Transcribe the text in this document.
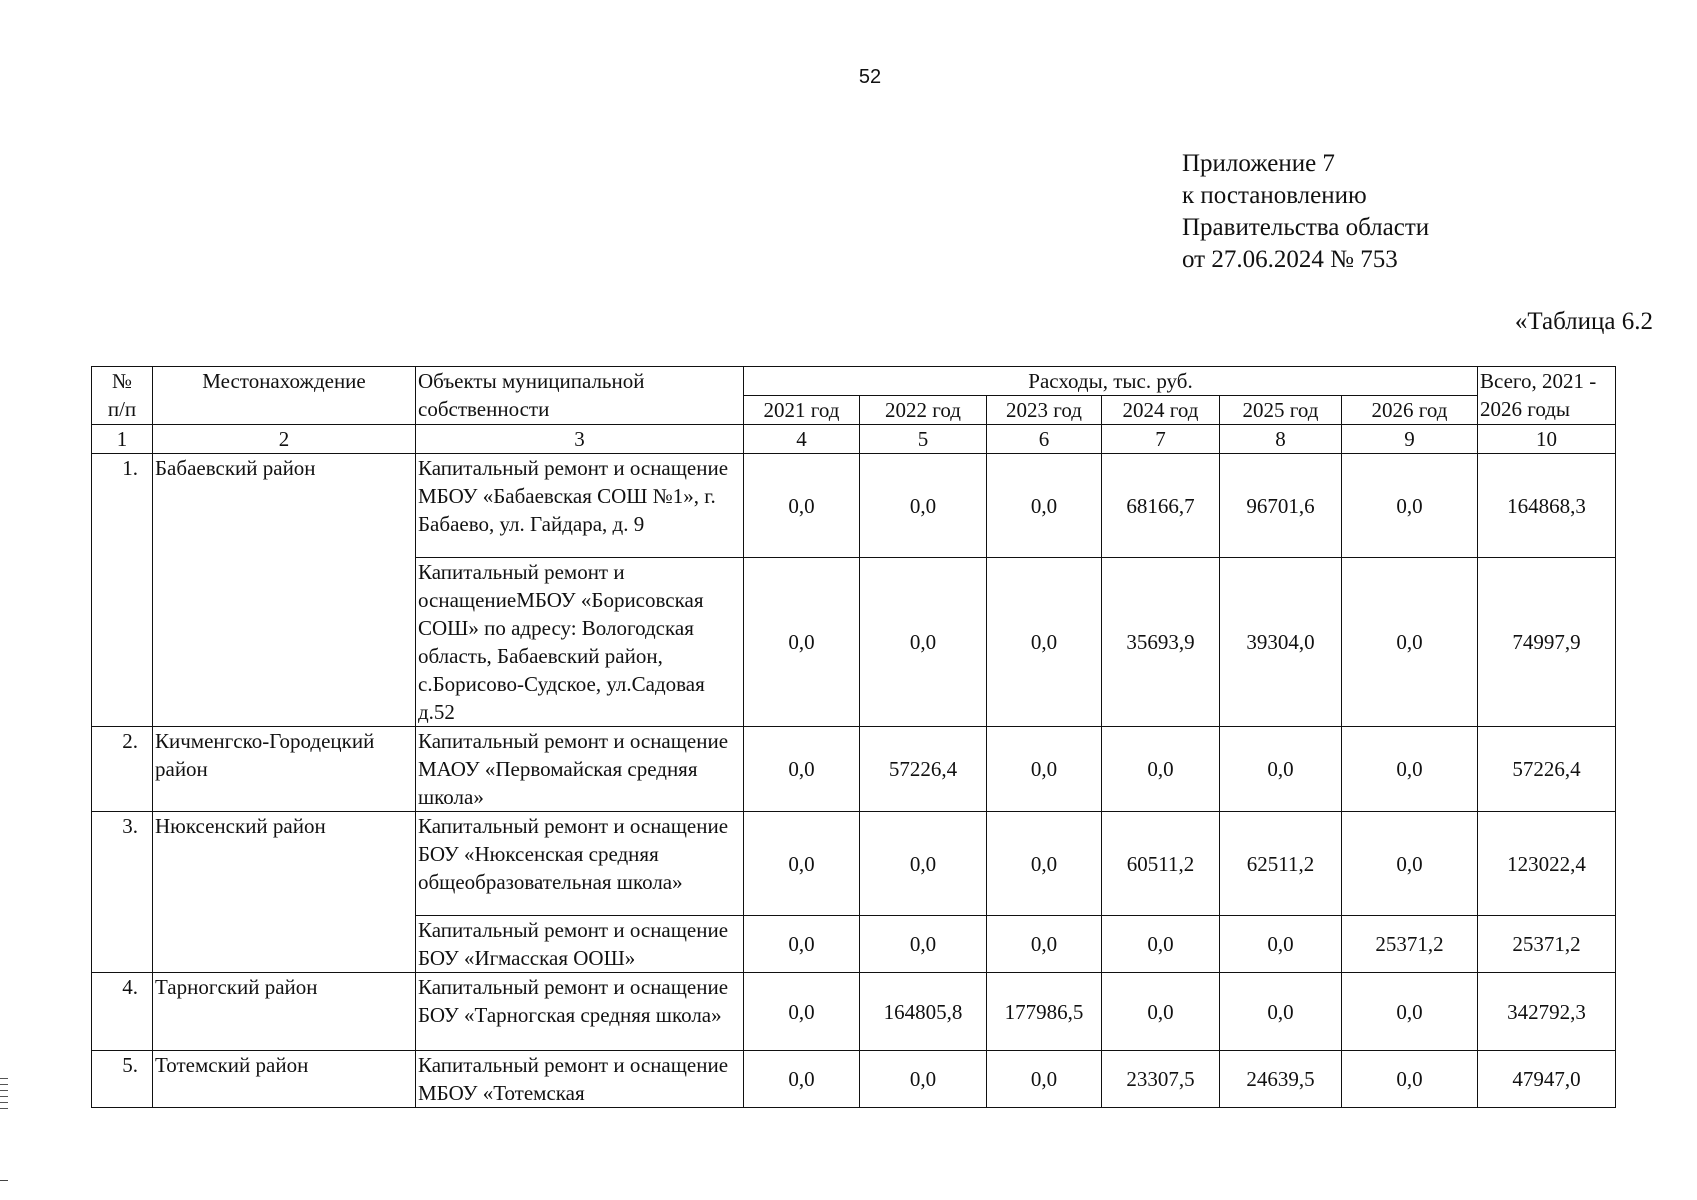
52
Приложение 7
к постановлению
Правительства области
от 27.06.2024 № 753
«Таблица 6.2
№
п/п	Местонахождение	Объекты муниципальной собственности	Расходы, тыс. руб.						Всего, 2021 - 2026 годы
			2021 год	2022 год	2023 год	2024 год	2025 год	2026 год	
1	2	3	4	5	6	7	8	9	10
1.	Бабаевский район	Капитальный ремонт и оснащение МБОУ «Бабаевская СОШ №1», г. Бабаево, ул. Гайдара, д. 9	0,0	0,0	0,0	68166,7	96701,6	0,0	164868,3
		Капитальный ремонт и оснащениеМБОУ «Борисовская СОШ» по адресу: Вологодская область, Бабаевский район, с.Борисово-Судское, ул.Садовая д.52	0,0	0,0	0,0	35693,9	39304,0	0,0	74997,9
2.	Кичменгско-Городецкий район	Капитальный ремонт и оснащение МАОУ «Первомайская средняя школа»	0,0	57226,4	0,0	0,0	0,0	0,0	57226,4
3.	Нюксенский район	Капитальный ремонт и оснащение БОУ «Нюксенская средняя общеобразовательная школа»	0,0	0,0	0,0	60511,2	62511,2	0,0	123022,4
		Капитальный ремонт и оснащение БОУ «Игмасская ООШ»	0,0	0,0	0,0	0,0	0,0	25371,2	25371,2
4.	Тарногский район	Капитальный ремонт и оснащение БОУ «Тарногская средняя школа»	0,0	164805,8	177986,5	0,0	0,0	0,0	342792,3
5.	Тотемский район	Капитальный ремонт и оснащение МБОУ «Тотемская	0,0	0,0	0,0	23307,5	24639,5	0,0	47947,0
